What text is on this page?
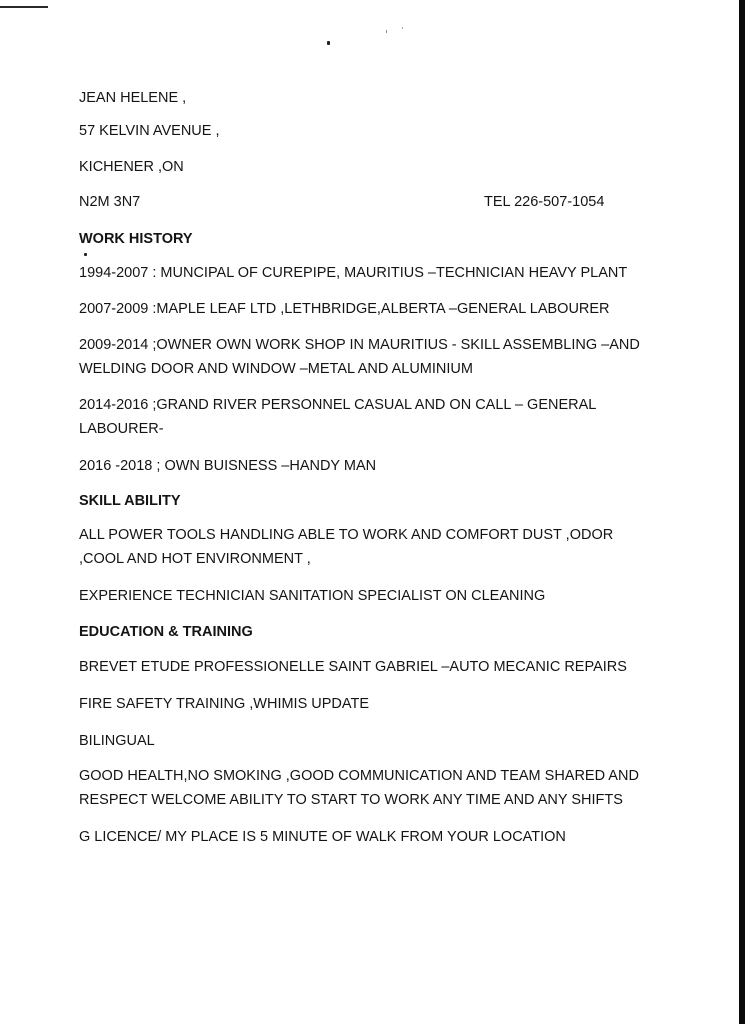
JEAN HELENE ,
57 KELVIN AVENUE ,
KICHENER ,ON
N2M 3N7	TEL 226-507-1054
WORK HISTORY
1994-2007 : MUNCIPAL OF CUREPIPE, MAURITIUS –TECHNICIAN HEAVY PLANT
2007-2009 :MAPLE LEAF LTD ,LETHBRIDGE,ALBERTA –GENERAL LABOURER
2009-2014 ;OWNER OWN WORK SHOP IN MAURITIUS - SKILL ASSEMBLING –AND
WELDING DOOR AND WINDOW –METAL AND ALUMINIUM
2014-2016 ;GRAND RIVER PERSONNEL CASUAL AND ON CALL – GENERAL
LABOURER-
2016 -2018 ; OWN BUISNESS –HANDY MAN
SKILL ABILITY
ALL POWER TOOLS HANDLING ABLE TO WORK AND COMFORT DUST ,ODOR
,COOL AND HOT ENVIRONMENT ,
EXPERIENCE TECHNICIAN SANITATION SPECIALIST ON CLEANING
EDUCATION & TRAINING
BREVET ETUDE PROFESSIONELLE SAINT GABRIEL –AUTO MECANIC REPAIRS
FIRE SAFETY TRAINING ,WHIMIS UPDATE
BILINGUAL
GOOD HEALTH,NO SMOKING ,GOOD COMMUNICATION AND TEAM SHARED AND
RESPECT WELCOME ABILITY TO START TO WORK ANY TIME AND ANY SHIFTS
G LICENCE/ MY PLACE IS 5 MINUTE OF WALK FROM YOUR LOCATION
